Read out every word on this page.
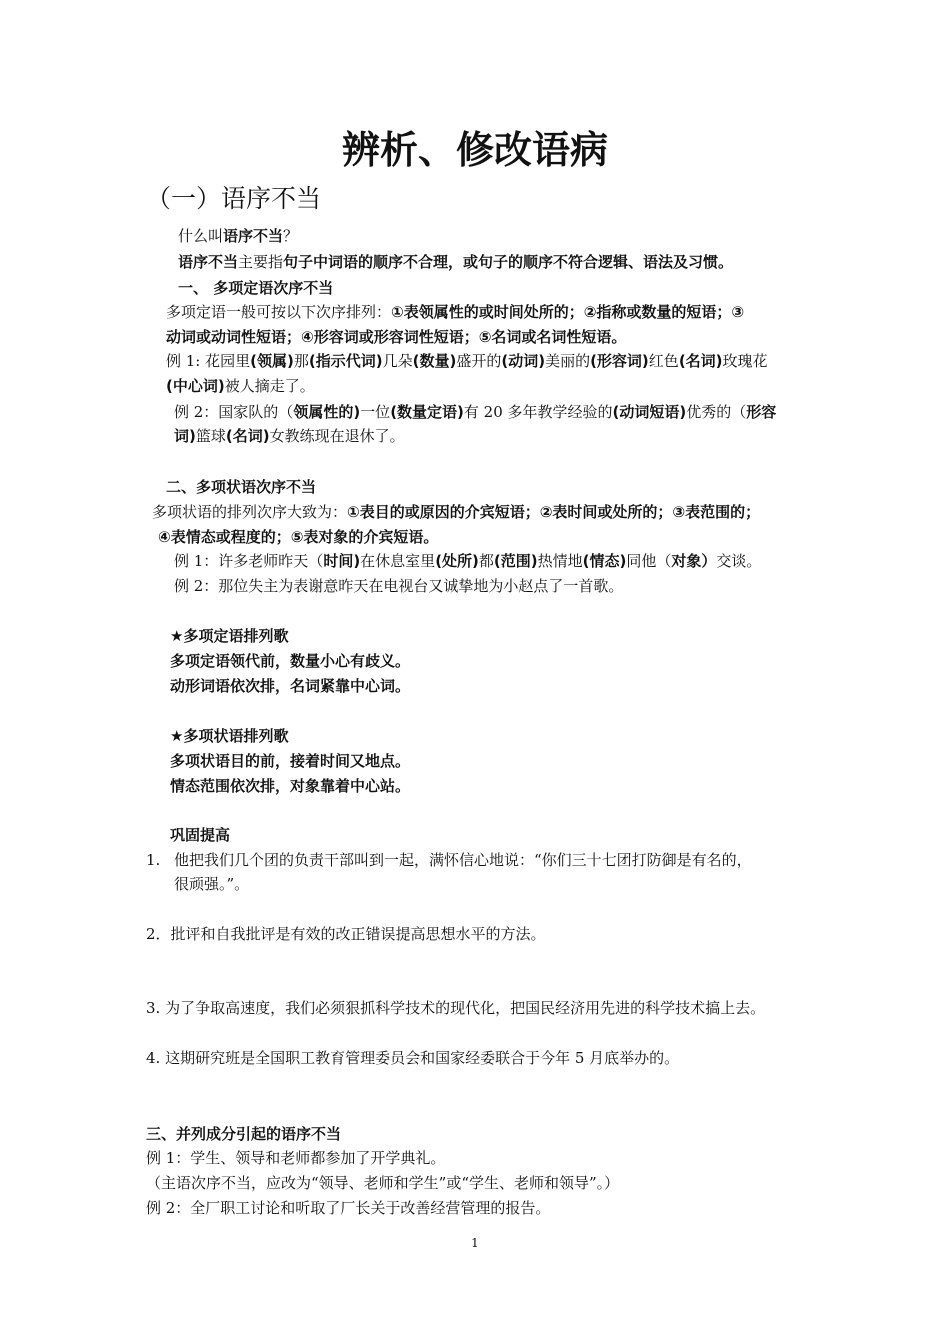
辨析、修改语病
（一）语序不当
什么叫语序不当？
语序不当主要指句子中词语的顺序不合理，或句子的顺序不符合逻辑、语法及习惯。
一、 多项定语次序不当
多项定语一般可按以下次序排列：①表领属性的或时间处所的；②指称或数量的短语；③
动词或动词性短语；④形容词或形容词性短语；⑤名词或名词性短语。
例 1: 花园里(领属)那(指示代词)几朵(数量)盛开的(动词)美丽的(形容词)红色(名词)玫瑰花
(中心词)被人摘走了。
例 2：国家队的（领属性的)一位(数量定语)有 20 多年教学经验的(动词短语)优秀的（形容
词)篮球(名词)女教练现在退休了。
二、多项状语次序不当
多项状语的排列次序大致为：①表目的或原因的介宾短语；②表时间或处所的；③表范围的；
④表情态或程度的；⑤表对象的介宾短语。
例 1：许多老师昨天（时间)在休息室里(处所)都(范围)热情地(情态)同他（对象）交谈。
例 2：那位失主为表谢意昨天在电视台又诚挚地为小赵点了一首歌。
★多项定语排列歌
多项定语领代前，数量小心有歧义。
动形词语依次排，名词紧靠中心词。
★多项状语排列歌
多项状语目的前，接着时间又地点。
情态范围依次排，对象靠着中心站。
巩固提高
1. 他把我们几个团的负责干部叫到一起，满怀信心地说：“你们三十七团打防御是有名的，
很顽强。”。
2．批评和自我批评是有效的改正错误提高思想水平的方法。
3. 为了争取高速度，我们必须狠抓科学技术的现代化，把国民经济用先进的科学技术搞上去。
4. 这期研究班是全国职工教育管理委员会和国家经委联合于今年 5 月底举办的。
三、并列成分引起的语序不当
例 1：学生、领导和老师都参加了开学典礼。
（主语次序不当，应改为“领导、老师和学生”或“学生、老师和领导”。）
例 2：全厂职工讨论和听取了厂长关于改善经营管理的报告。
1
